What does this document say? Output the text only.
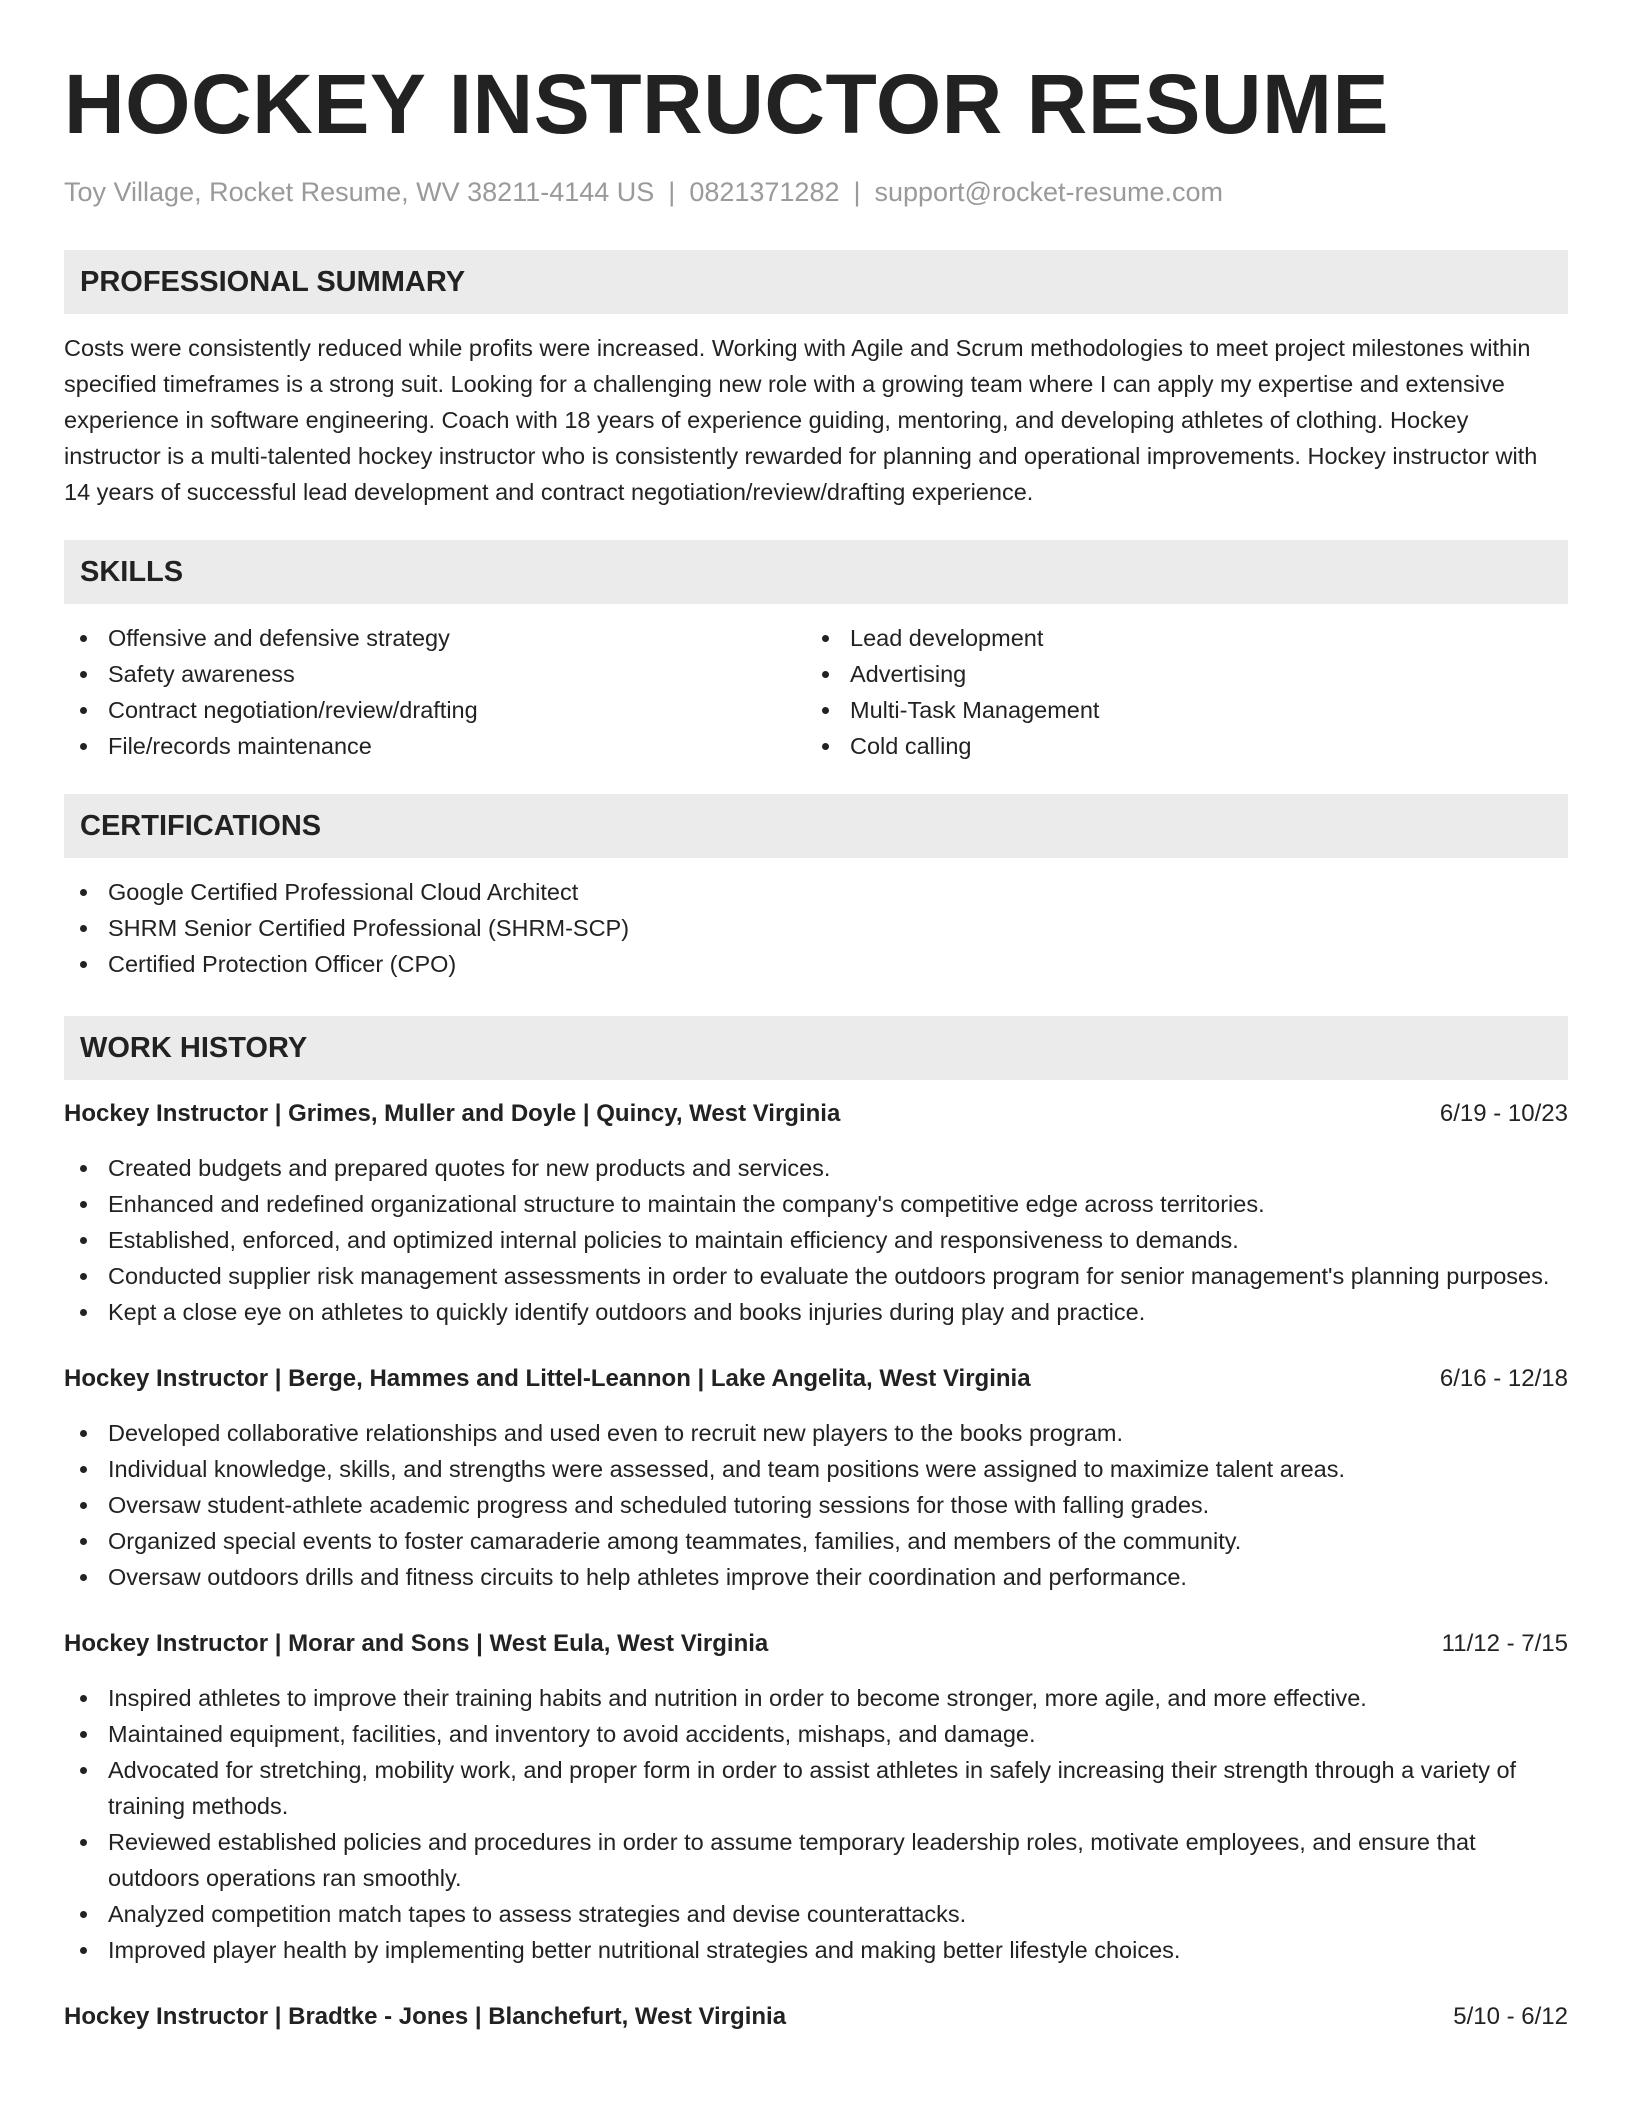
HOCKEY INSTRUCTOR RESUME
Toy Village, Rocket Resume, WV 38211-4144 US | 0821371282 | support@rocket-resume.com
PROFESSIONAL SUMMARY
Costs were consistently reduced while profits were increased. Working with Agile and Scrum methodologies to meet project milestones within specified timeframes is a strong suit. Looking for a challenging new role with a growing team where I can apply my expertise and extensive experience in software engineering. Coach with 18 years of experience guiding, mentoring, and developing athletes of clothing. Hockey instructor is a multi-talented hockey instructor who is consistently rewarded for planning and operational improvements. Hockey instructor with 14 years of successful lead development and contract negotiation/review/drafting experience.
SKILLS
Offensive and defensive strategy
Safety awareness
Contract negotiation/review/drafting
File/records maintenance
Lead development
Advertising
Multi-Task Management
Cold calling
CERTIFICATIONS
Google Certified Professional Cloud Architect
SHRM Senior Certified Professional (SHRM-SCP)
Certified Protection Officer (CPO)
WORK HISTORY
Hockey Instructor | Grimes, Muller and Doyle | Quincy, West Virginia	6/19 - 10/23
Created budgets and prepared quotes for new products and services.
Enhanced and redefined organizational structure to maintain the company's competitive edge across territories.
Established, enforced, and optimized internal policies to maintain efficiency and responsiveness to demands.
Conducted supplier risk management assessments in order to evaluate the outdoors program for senior management's planning purposes.
Kept a close eye on athletes to quickly identify outdoors and books injuries during play and practice.
Hockey Instructor | Berge, Hammes and Littel-Leannon | Lake Angelita, West Virginia	6/16 - 12/18
Developed collaborative relationships and used even to recruit new players to the books program.
Individual knowledge, skills, and strengths were assessed, and team positions were assigned to maximize talent areas.
Oversaw student-athlete academic progress and scheduled tutoring sessions for those with falling grades.
Organized special events to foster camaraderie among teammates, families, and members of the community.
Oversaw outdoors drills and fitness circuits to help athletes improve their coordination and performance.
Hockey Instructor | Morar and Sons | West Eula, West Virginia	11/12 - 7/15
Inspired athletes to improve their training habits and nutrition in order to become stronger, more agile, and more effective.
Maintained equipment, facilities, and inventory to avoid accidents, mishaps, and damage.
Advocated for stretching, mobility work, and proper form in order to assist athletes in safely increasing their strength through a variety of training methods.
Reviewed established policies and procedures in order to assume temporary leadership roles, motivate employees, and ensure that outdoors operations ran smoothly.
Analyzed competition match tapes to assess strategies and devise counterattacks.
Improved player health by implementing better nutritional strategies and making better lifestyle choices.
Hockey Instructor | Bradtke - Jones | Blanchefurt, West Virginia	5/10 - 6/12
